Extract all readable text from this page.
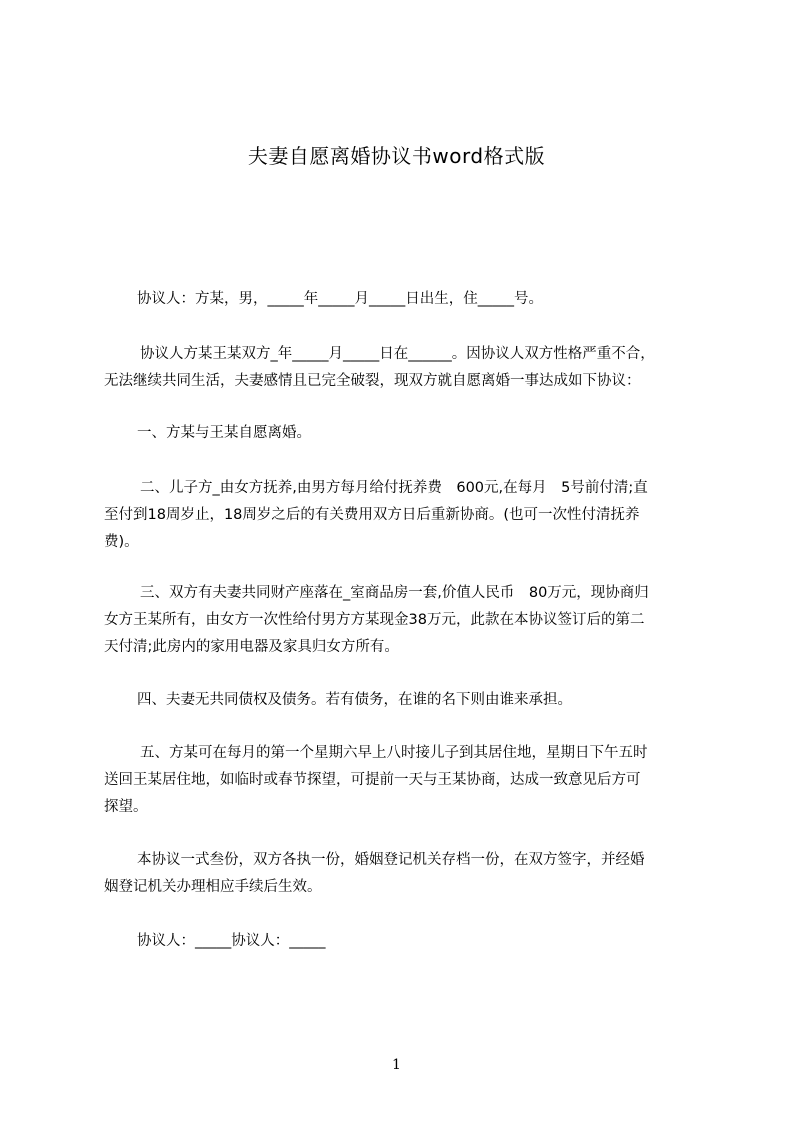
夫妻自愿离婚协议书word格式版
协议人：方某，男，_____年_____月_____日出生，住_____号。
协议人方某王某双方_年_____月_____日在______。因协议人双方性格严重不合，
无法继续共同生活，夫妻感情且已完全破裂，现双方就自愿离婚一事达成如下协议：
一、方某与王某自愿离婚。
二、儿子方_由女方抚养,由男方每月给付抚养费　600元,在每月　5号前付清;直
至付到18周岁止，18周岁之后的有关费用双方日后重新协商。(也可一次性付清抚养
费)。
三、双方有夫妻共同财产座落在_室商品房一套,价值人民币　80万元，现协商归
女方王某所有，由女方一次性给付男方方某现金38万元，此款在本协议签订后的第二
天付清;此房内的家用电器及家具归女方所有。
四、夫妻无共同债权及债务。若有债务，在谁的名下则由谁来承担。
五、方某可在每月的第一个星期六早上八时接儿子到其居住地，星期日下午五时
送回王某居住地，如临时或春节探望，可提前一天与王某协商，达成一致意见后方可
探望。
本协议一式叁份，双方各执一份，婚姻登记机关存档一份，在双方签字，并经婚
姻登记机关办理相应手续后生效。
协议人：_____协议人：_____
1
